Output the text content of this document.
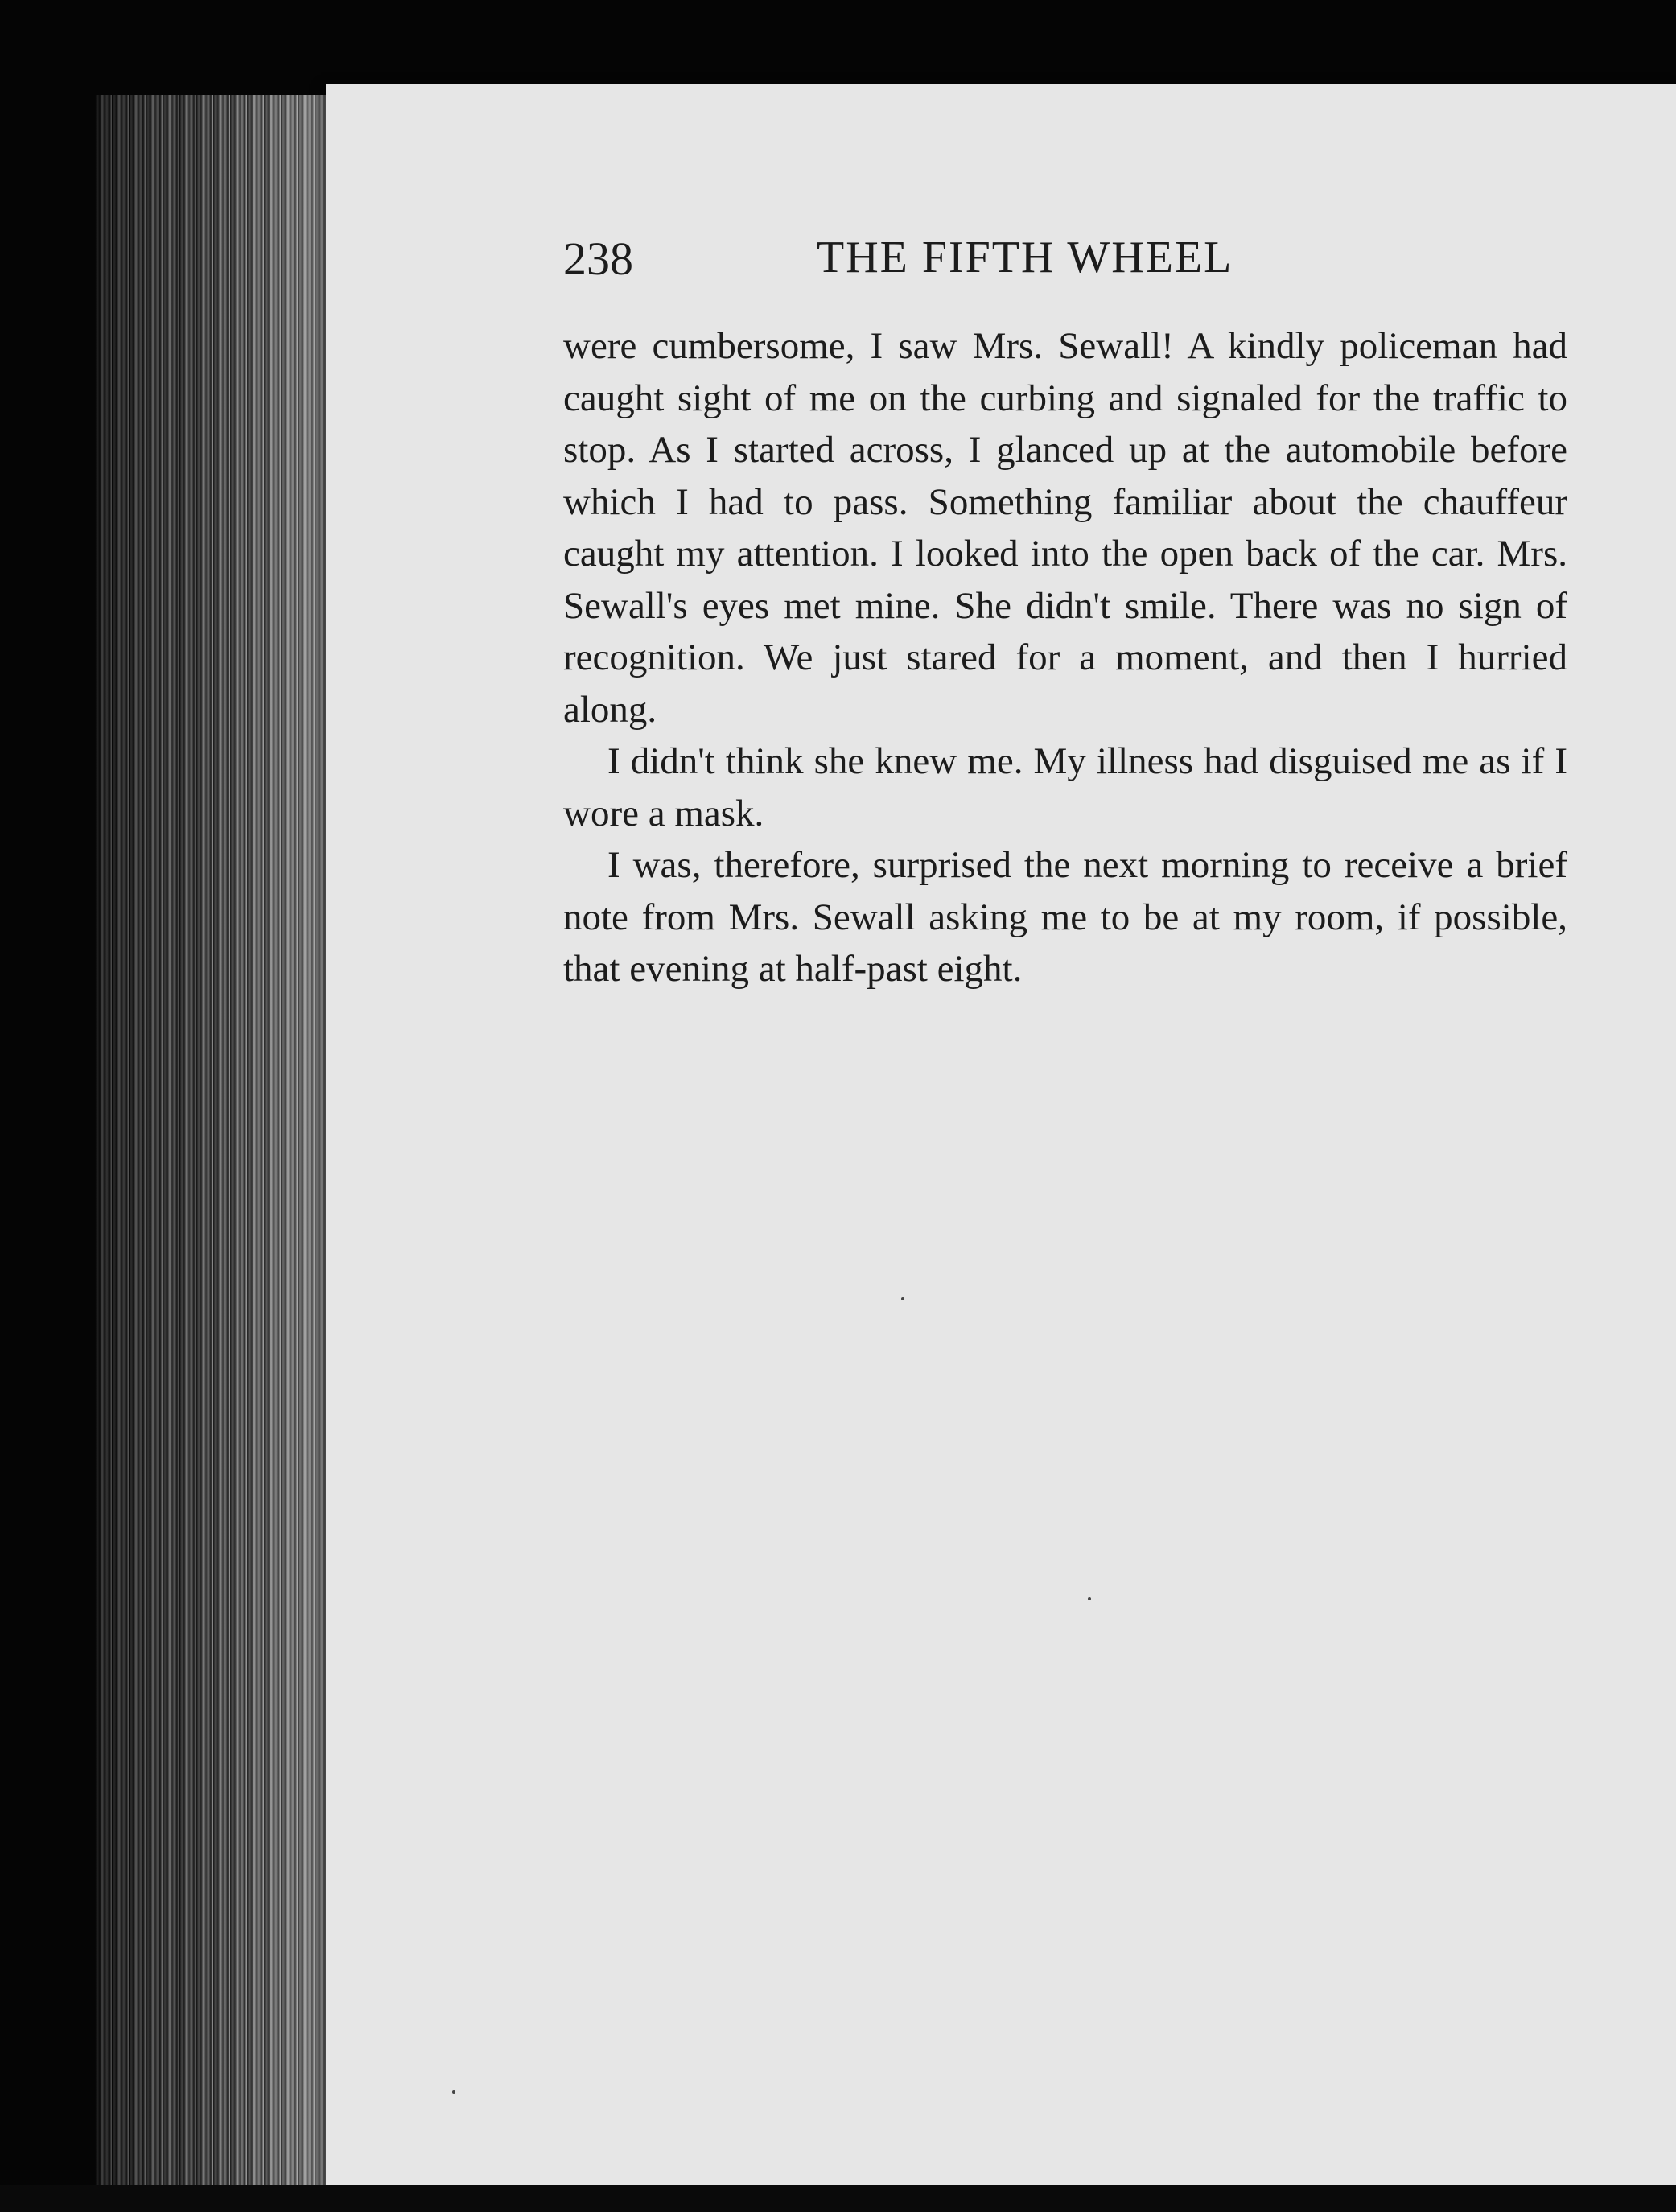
238	THE FIFTH WHEEL

were cumbersome, I saw Mrs. Sewall! A kindly policeman had caught sight of me on the curbing and signaled for the traffic to stop. As I started across, I glanced up at the automobile before which I had to pass. Something familiar about the chauffeur caught my attention. I looked into the open back of the car. Mrs. Sewall's eyes met mine. She didn't smile. There was no sign of recognition. We just stared for a moment, and then I hurried along.

I didn't think she knew me. My illness had disguised me as if I wore a mask.

I was, therefore, surprised the next morning to receive a brief note from Mrs. Sewall asking me to be at my room, if possible, that evening at half-past eight.
